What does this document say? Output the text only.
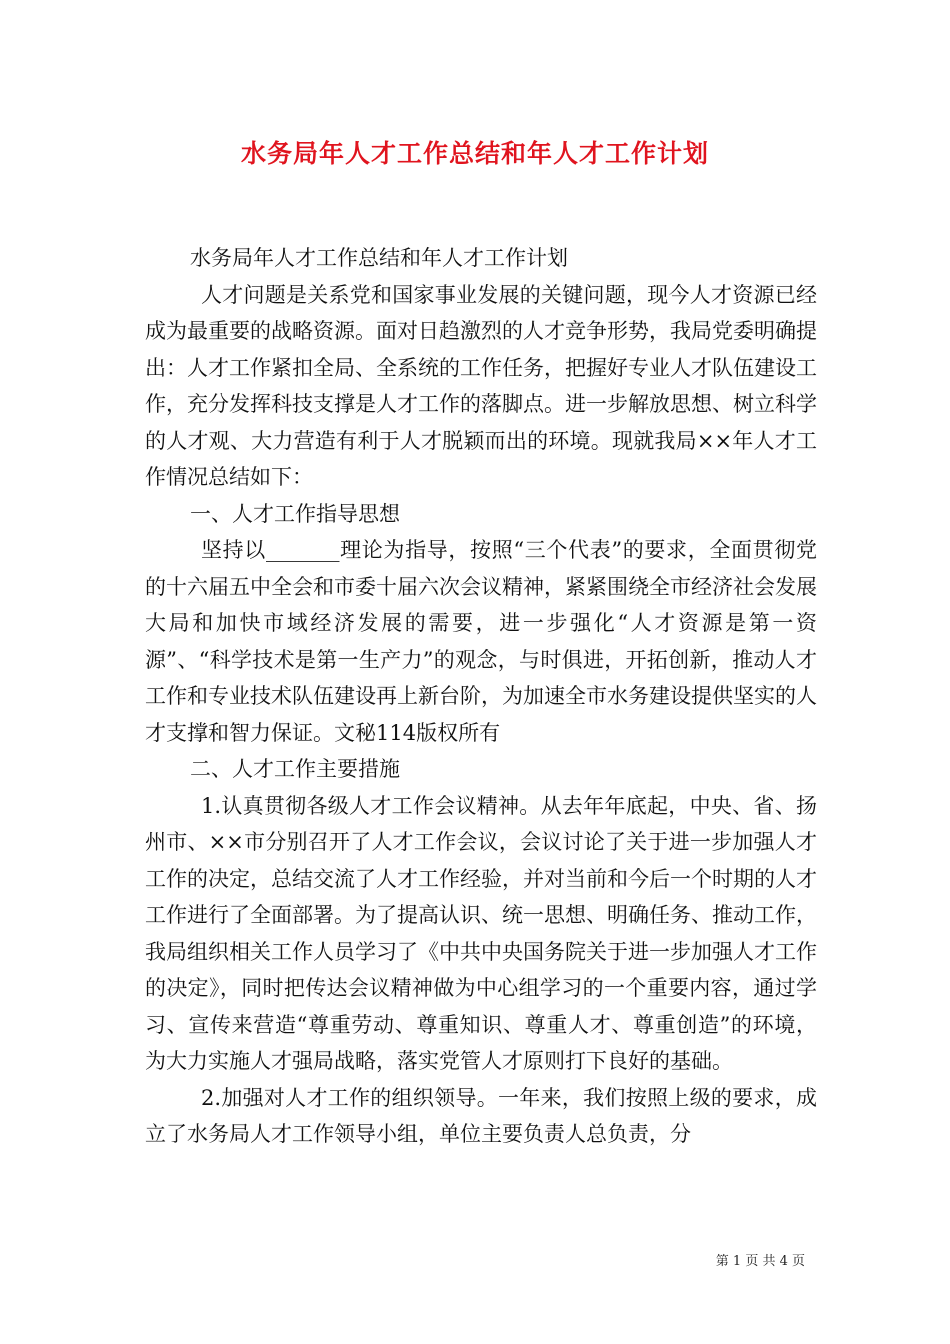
水务局年人才工作总结和年人才工作计划

水务局年人才工作总结和年人才工作计划

人才问题是关系党和国家事业发展的关键问题，现今人才资源已经成为最重要的战略资源。面对日趋激烈的人才竞争形势，我局党委明确提出：人才工作紧扣全局、全系统的工作任务，把握好专业人才队伍建设工作，充分发挥科技支撑是人才工作的落脚点。进一步解放思想、树立科学的人才观、大力营造有利于人才脱颖而出的环境。现就我局××年人才工作情况总结如下：

一、人才工作指导思想

坚持以_______理论为指导，按照“三个代表”的要求，全面贯彻党的十六届五中全会和市委十届六次会议精神，紧紧围绕全市经济社会发展大局和加快市域经济发展的需要，进一步强化“人才资源是第一资源”、“科学技术是第一生产力”的观念，与时俱进，开拓创新，推动人才工作和专业技术队伍建设再上新台阶，为加速全市水务建设提供坚实的人才支撑和智力保证。文秘114版权所有

二、人才工作主要措施

1.认真贯彻各级人才工作会议精神。从去年年底起，中央、省、扬州市、××市分别召开了人才工作会议，会议讨论了关于进一步加强人才工作的决定，总结交流了人才工作经验，并对当前和今后一个时期的人才工作进行了全面部署。为了提高认识、统一思想、明确任务、推动工作，我局组织相关工作人员学习了《中共中央国务院关于进一步加强人才工作的决定》，同时把传达会议精神做为中心组学习的一个重要内容，通过学习、宣传来营造“尊重劳动、尊重知识、尊重人才、尊重创造”的环境，为大力实施人才强局战略，落实党管人才原则打下良好的基础。

2.加强对人才工作的组织领导。一年来，我们按照上级的要求，成立了水务局人才工作领导小组，单位主要负责人总负责，分

第 1 页 共 4 页
